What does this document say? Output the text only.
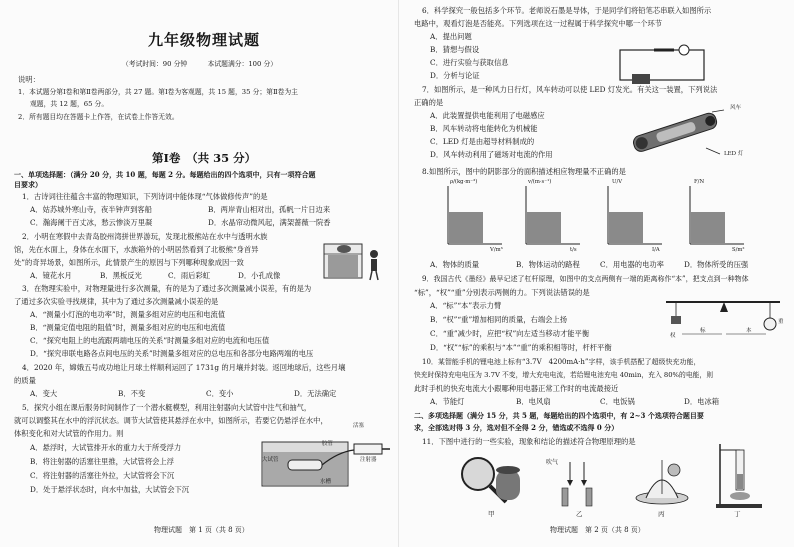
九年级物理试题
（考试时间：90 分钟　　　本试题满分：100 分）
说明：
1．本试题分第Ⅰ卷和第Ⅱ卷两部分，共 27 题。第Ⅰ卷为客观题，共 15 题，35 分；第Ⅱ卷为主
观题，共 12 题，65 分。
2．所有题目均在答题卡上作答，在试卷上作答无效。
第Ⅰ卷　（共 35 分）
一、单项选择题：（满分 20 分，共 10 题，每题 2 分。每题给出的四个选项中，只有一项符合题
目要求）
1．古诗词往往蕴含丰富的物理知识，下列诗词中能体现“气体做修传声”的是
A．姑苏城外寒山寺，夜半钟声到客船	B．两岸青山相对出，孤帆一片日边来
C．瀚海阑干百丈冰，愁云惨淡万里凝	D．水晶帘动微风起，满架蔷薇一院香
2．小明在寒假中去青岛胶州湾拼世界游玩，发现北极熊站在水中与透明水族
馆，先在水面上，身体在水面下，水族箱外的小明居然看到了北极熊“身首异
处”的奇异场景，如图所示，此情景产生的原因与下列哪种现象成因一致
A．镜花水月	B．黑板反光	C．雨后彩虹	D．小孔成像
3．在物理实验中，对物理量进行多次测量，有的是为了通过多次测量减小误差，有的是为
了通过多次实验寻找规律，其中为了通过多次测量减小误差的是
A．“测量小灯泡的电功率”时，测量多组对应的电压和电流值
B．“测量定值电阻的阻值”时，测量多组对应的电压和电流值
C．“探究电阻上的电流跟两端电压的关系”时测量多组对应的电流和电压值
D．“探究串联电路各点间电压的关系”时测量多组对应的总电压和各部分电路两端的电压
4．2020 年，嫦娥五号成功地让月球土样顺利运回了 1731g 的月壤并封装。返回地球后，这些月壤
的质量
A．变大	B．不变	C．变小	D．无法确定
5．探究小组在课后服务时间制作了一个潜水艇模型，利用注射器向大试管中注气和抽气，
就可以调整其在水中的浮沉状态。调节大试管使其悬浮在水中，如图所示，若要它仍悬浮在水中，
体积变化和对大试管的作用力。则
A．悬浮时，大试管排开水的重力大于所受浮力
B．将注射器的活塞往里推，大试管将会上浮
C．将注射器的活塞往外拉，大试管将会下沉
D．处于悬浮状态时，向水中加盐，大试管会下沉
活塞
大试管
胶管
注射器
水槽
物理试题　第 1 页（共 8 页）
6．科学探究一般包括多个环节。老师说石墨是导体，于是同学们将铅笔芯串联入如图所示
电路中，观看灯泡是否能亮。下列选项在这一过程属于科学探究中哪一个环节
A．提出问题
B．猜想与假设
C．进行实验与获取信息
D．分析与论证
7．如图所示，是一种风力日行灯，风车转动可以使 LED 灯发光。有关这一装置，下列说法
正确的是
A．此装置提供电能利用了电磁感应
B．风车转动将电能转化为机械能
C．LED 灯是由超导材料制成的
D．风车转动利用了磁场对电流的作用
风车
LED 灯
8.如图所示，图中的阴影部分的面积描述相应物理量不正确的是
ρ/(kg·m⁻³)
V/m³
v/(m·s⁻¹)
t/s
U/V
I/A
F/N
S/m²
A．物体的质量	B．物体运动的路程	C．用电器的电功率	D．物体所受的压强
9．我国古代《墨经》最早记述了杠杆原理，如图中的支点两侧有一端的距离称作“本”，把支点到一种物体
“标”，“权”“重”分别表示两侧的力。下列说法错误的是
A．“标”“本”表示力臂
B．“权”“重”增加相同的质量，右端会上扬
C．“重”减少时，应把“权”向左适当移动才能平衡
D．“权”“标”的乘积与“本”“重”的乘积相等时，杆杆平衡
权
重
标	本
10．某智能手机的锂电池上标有“3.7V　4200mA·h”字样，该手机搭配了超级快充功能，
快充时保持充电电压为 3.7V 不变，增大充电电流，若给锂电池充电 40min，充入 80%的电能，则
此时手机的快充电流大小跟哪种用电器正常工作时的电流最接近
A．节能灯	B．电风扇	C．电饭锅	D．电冰箱
二、多项选择题（满分 15 分，共 5 题，每题给出的四个选项中，有 2~3 个选项符合题目要
求，全部选对得 3 分，选对但不全得 2 分，错选或不选得 0 分）
11．下图中进行的一些实验，现象和结论的描述符合物理原理的是
甲
吹气
乙	丙	丁
物理试题　第 2 页（共 8 页）
